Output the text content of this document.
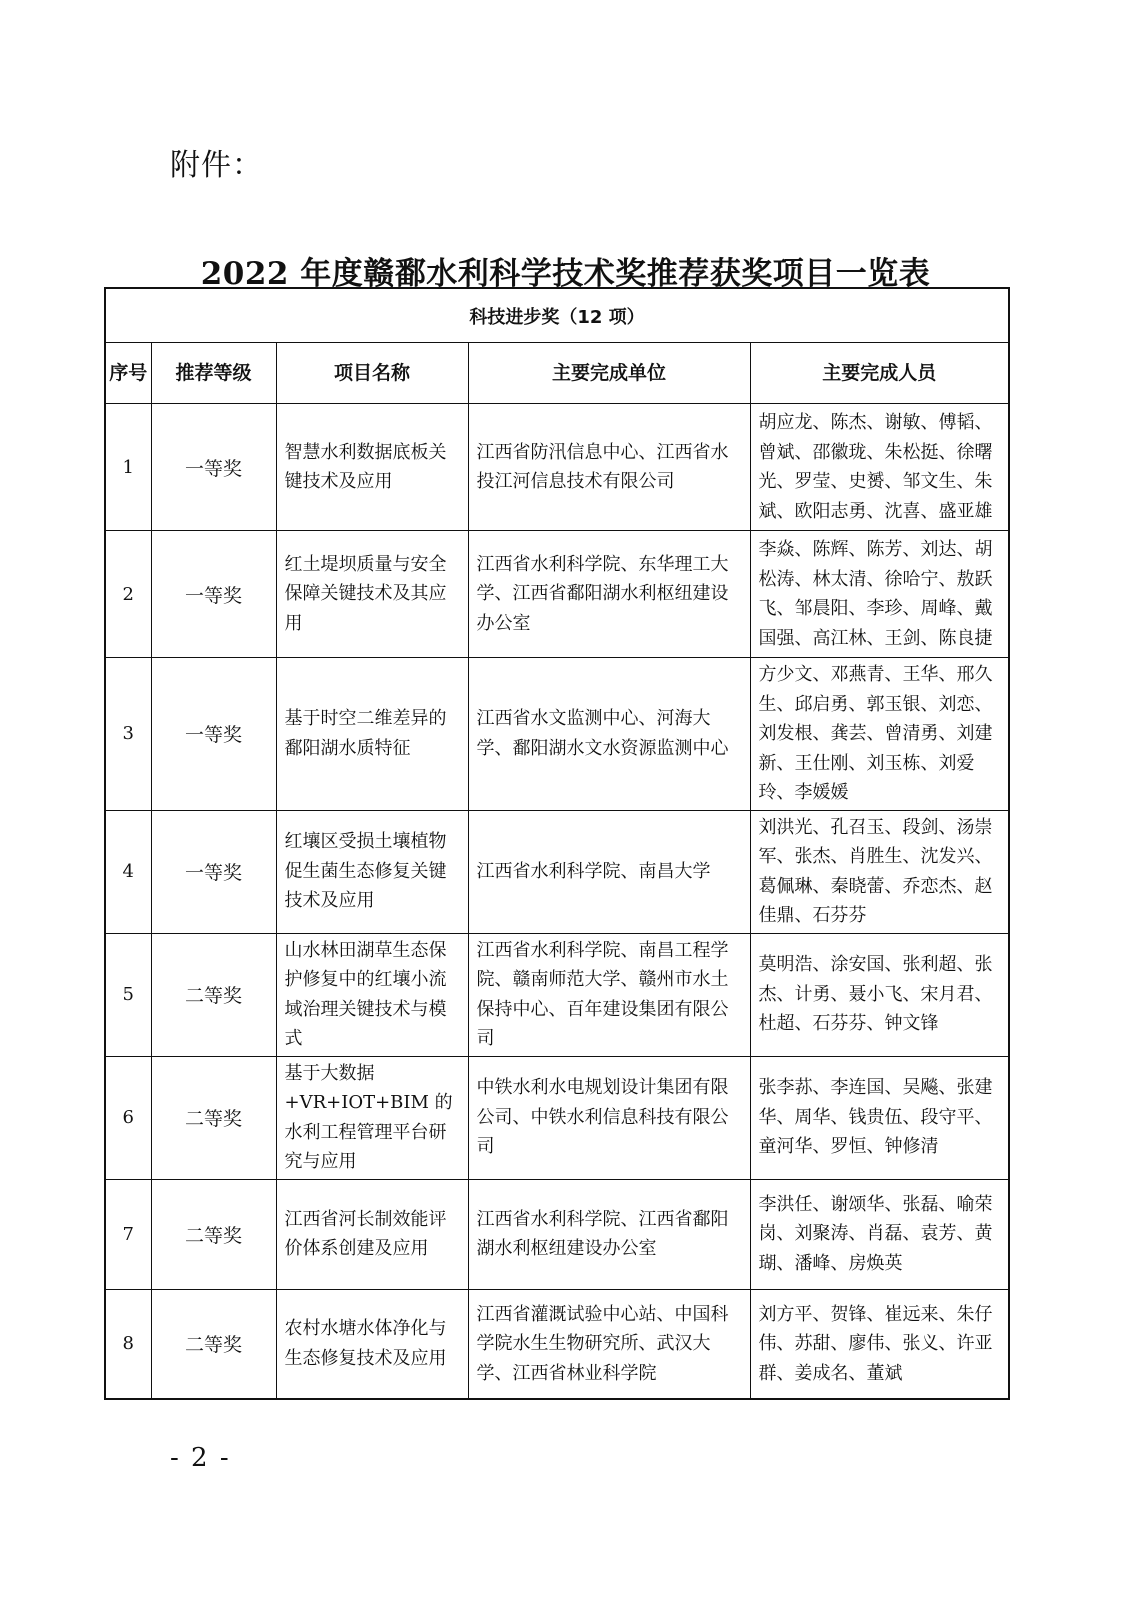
附件：
2022 年度赣鄱水利科学技术奖推荐获奖项目一览表
科技进步奖（12 项）				
序号	推荐等级	项目名称	主要完成单位	主要完成人员
1	一等奖	智慧水利数据底板关键技术及应用	江西省防汛信息中心、江西省水投江河信息技术有限公司	胡应龙、陈杰、谢敏、傅韬、曾斌、邵徽珑、朱松挺、徐曙光、罗莹、史赟、邹文生、朱斌、欧阳志勇、沈喜、盛亚雄
2	一等奖	红土堤坝质量与安全保障关键技术及其应用	江西省水利科学院、东华理工大学、江西省鄱阳湖水利枢纽建设办公室	李焱、陈辉、陈芳、刘达、胡松涛、林太清、徐哈宁、敖跃飞、邹晨阳、李珍、周峰、戴国强、高江林、王剑、陈良捷
3	一等奖	基于时空二维差异的鄱阳湖水质特征	江西省水文监测中心、河海大学、鄱阳湖水文水资源监测中心	方少文、邓燕青、王华、邢久生、邱启勇、郭玉银、刘恋、刘发根、龚芸、曾清勇、刘建新、王仕刚、刘玉栋、刘爱玲、李媛媛
4	一等奖	红壤区受损土壤植物促生菌生态修复关键技术及应用	江西省水利科学院、南昌大学	刘洪光、孔召玉、段剑、汤崇军、张杰、肖胜生、沈发兴、葛佩琳、秦晓蕾、乔恋杰、赵佳鼎、石芬芬
5	二等奖	山水林田湖草生态保护修复中的红壤小流域治理关键技术与模式	江西省水利科学院、南昌工程学院、赣南师范大学、赣州市水土保持中心、百年建设集团有限公司	莫明浩、涂安国、张利超、张杰、计勇、聂小飞、宋月君、杜超、石芬芬、钟文锋
6	二等奖	基于大数据+VR+IOT+BIM 的水利工程管理平台研究与应用	中铁水利水电规划设计集团有限公司、中铁水利信息科技有限公司	张李荪、李连国、吴飚、张建华、周华、钱贵伍、段守平、童河华、罗恒、钟修清
7	二等奖	江西省河长制效能评价体系创建及应用	江西省水利科学院、江西省鄱阳湖水利枢纽建设办公室	李洪任、谢颂华、张磊、喻荣岗、刘聚涛、肖磊、袁芳、黄瑚、潘峰、房焕英
8	二等奖	农村水塘水体净化与生态修复技术及应用	江西省灌溉试验中心站、中国科学院水生生物研究所、武汉大学、江西省林业科学院	刘方平、贺锋、崔远来、朱仔伟、苏甜、廖伟、张义、许亚群、姜成名、董斌
- 2 -
